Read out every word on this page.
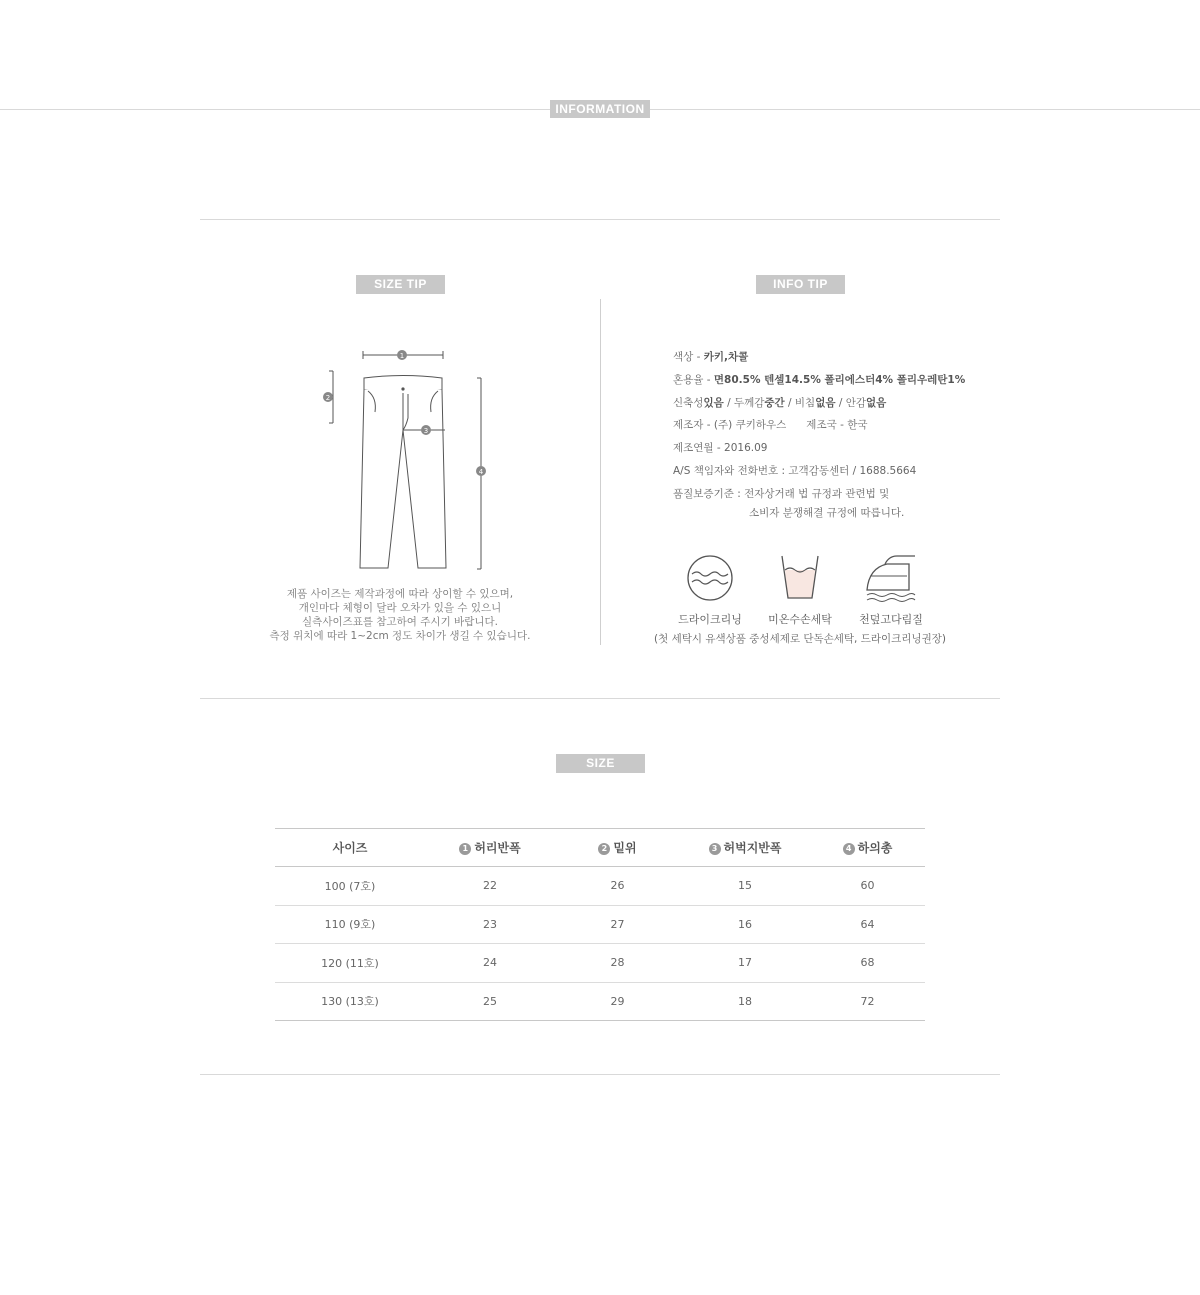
INFORMATION
SIZE TIP
1
2
3
4
제품 사이즈는 제작과정에 따라 상이할 수 있으며,
개인마다 체형이 달라 오차가 있을 수 있으니
실측사이즈표를 참고하여 주시기 바랍니다.
측정 위치에 따라 1~2cm 정도 차이가 생길 수 있습니다.
INFO TIP
색상 - 카키,차콜
혼용율 - 면80.5% 텐셀14.5% 폴리에스터4% 폴리우레탄1%
신축성있음 / 두께감중간 / 비침없음 / 안감없음
제조자 - (주) 쿠키하우스 제조국 - 한국
제조연월 - 2016.09
A/S 책임자와 전화번호 : 고객감동센터 / 1688.5664
품질보증기준 : 전자상거래 법 규정과 관련법 및
소비자 분쟁해결 규정에 따릅니다.
드라이크리닝	미온수손세탁	천덮고다림질
(첫 세탁시 유색상품 중성세제로 단독손세탁, 드라이크리닝권장)
SIZE
사이즈	1 허리반폭	2 밑위	3 허벅지반폭	4 하의총
100 (7호)	22	26	15	60
110 (9호)	23	27	16	64
120 (11호)	24	28	17	68
130 (13호)	25	29	18	72
